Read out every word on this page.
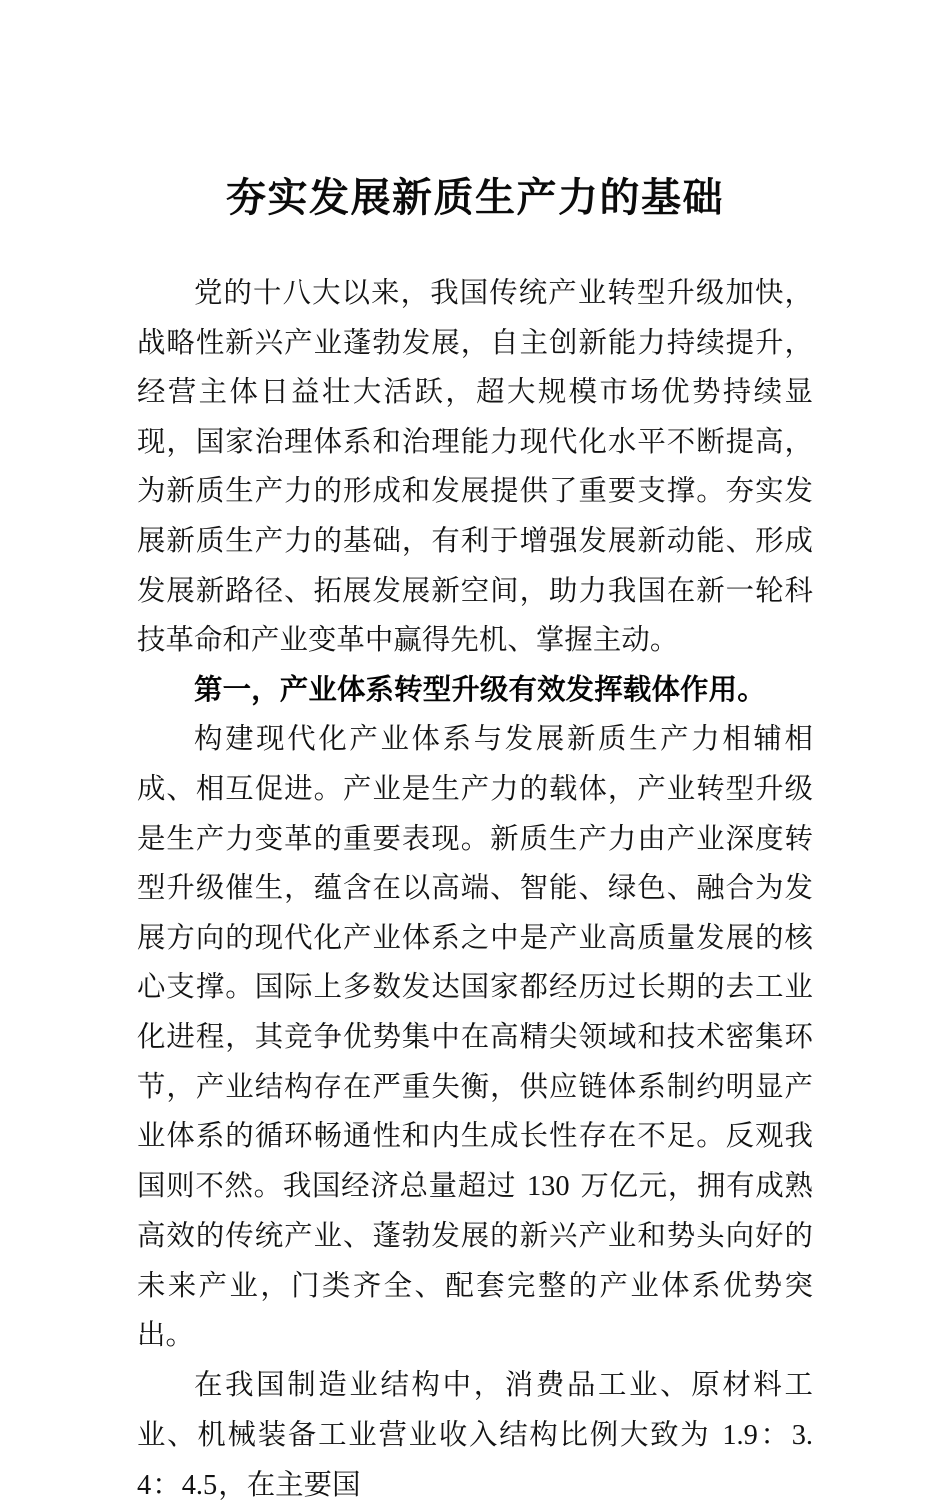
夯实发展新质生产力的基础

党的十八大以来，我国传统产业转型升级加快，战略性新兴产业蓬勃发展，自主创新能力持续提升，经营主体日益壮大活跃，超大规模市场优势持续显现，国家治理体系和治理能力现代化水平不断提高，为新质生产力的形成和发展提供了重要支撑。夯实发展新质生产力的基础，有利于增强发展新动能、形成发展新路径、拓展发展新空间，助力我国在新一轮科技革命和产业变革中赢得先机、掌握主动。

第一，产业体系转型升级有效发挥载体作用。

构建现代化产业体系与发展新质生产力相辅相成、相互促进。产业是生产力的载体，产业转型升级是生产力变革的重要表现。新质生产力由产业深度转型升级催生，蕴含在以高端、智能、绿色、融合为发展方向的现代化产业体系之中是产业高质量发展的核心支撑。国际上多数发达国家都经历过长期的去工业化进程，其竞争优势集中在高精尖领域和技术密集环节，产业结构存在严重失衡，供应链体系制约明显产业体系的循环畅通性和内生成长性存在不足。反观我国则不然。我国经济总量超过 130 万亿元，拥有成熟高效的传统产业、蓬勃发展的新兴产业和势头向好的未来产业，门类齐全、配套完整的产业体系优势突出。

在我国制造业结构中，消费品工业、原材料工业、机械装备工业营业收入结构比例大致为 1.9：3.4：4.5，在主要国
